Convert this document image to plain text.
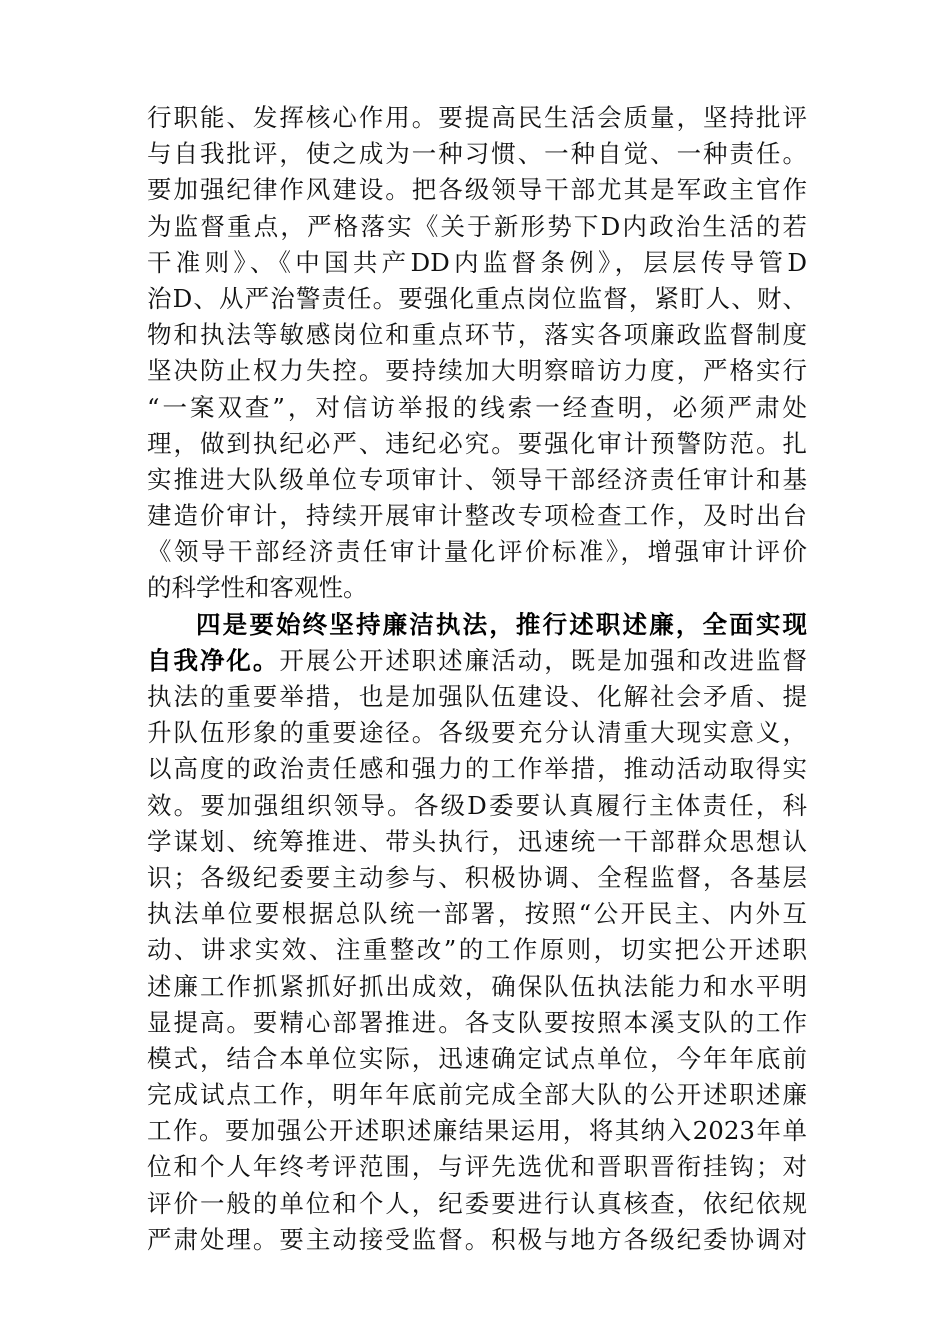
行职能、发挥核心作用。要提高民生活会质量，坚持批评
与自我批评，使之成为一种习惯、一种自觉、一种责任。
要加强纪律作风建设。把各级领导干部尤其是军政主官作
为监督重点，严格落实《关于新形势下D内政治生活的若
干准则》、《中国共产DD内监督条例》，层层传导管D
治D、从严治警责任。要强化重点岗位监督，紧盯人、财、
物和执法等敏感岗位和重点环节，落实各项廉政监督制度
坚决防止权力失控。要持续加大明察暗访力度，严格实行
“一案双查”，对信访举报的线索一经查明，必须严肃处
理，做到执纪必严、违纪必究。要强化审计预警防范。扎
实推进大队级单位专项审计、领导干部经济责任审计和基
建造价审计，持续开展审计整改专项检查工作，及时出台
《领导干部经济责任审计量化评价标准》，增强审计评价
的科学性和客观性。
四是要始终坚持廉洁执法，推行述职述廉，全面实现
自我净化。开展公开述职述廉活动，既是加强和改进监督
执法的重要举措，也是加强队伍建设、化解社会矛盾、提
升队伍形象的重要途径。各级要充分认清重大现实意义，
以高度的政治责任感和强力的工作举措，推动活动取得实
效。要加强组织领导。各级D委要认真履行主体责任，科
学谋划、统筹推进、带头执行，迅速统一干部群众思想认
识；各级纪委要主动参与、积极协调、全程监督，各基层
执法单位要根据总队统一部署，按照“公开民主、内外互
动、讲求实效、注重整改”的工作原则，切实把公开述职
述廉工作抓紧抓好抓出成效，确保队伍执法能力和水平明
显提高。要精心部署推进。各支队要按照本溪支队的工作
模式，结合本单位实际，迅速确定试点单位，今年年底前
完成试点工作，明年年底前完成全部大队的公开述职述廉
工作。要加强公开述职述廉结果运用，将其纳入2023年单
位和个人年终考评范围，与评先选优和晋职晋衔挂钩；对
评价一般的单位和个人，纪委要进行认真核查，依纪依规
严肃处理。要主动接受监督。积极与地方各级纪委协调对
